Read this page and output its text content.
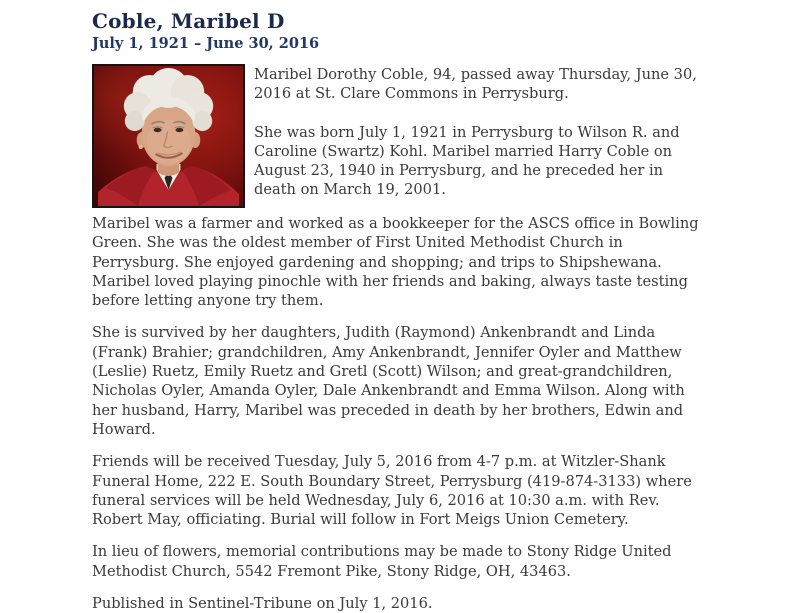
Coble, Maribel D
July 1, 1921 – June 30, 2016

Maribel Dorothy Coble, 94, passed away Thursday, June 30, 2016 at St. Clare Commons in Perrysburg.

She was born July 1, 1921 in Perrysburg to Wilson R. and Caroline (Swartz) Kohl. Maribel married Harry Coble on August 23, 1940 in Perrysburg, and he preceded her in death on March 19, 2001.

Maribel was a farmer and worked as a bookkeeper for the ASCS office in Bowling Green. She was the oldest member of First United Methodist Church in Perrysburg. She enjoyed gardening and shopping; and trips to Shipshewana. Maribel loved playing pinochle with her friends and baking, always taste testing before letting anyone try them.

She is survived by her daughters, Judith (Raymond) Ankenbrandt and Linda (Frank) Brahier; grandchildren, Amy Ankenbrandt, Jennifer Oyler and Matthew (Leslie) Ruetz, Emily Ruetz and Gretl (Scott) Wilson; and great-grandchildren, Nicholas Oyler, Amanda Oyler, Dale Ankenbrandt and Emma Wilson. Along with her husband, Harry, Maribel was preceded in death by her brothers, Edwin and Howard.

Friends will be received Tuesday, July 5, 2016 from 4-7 p.m. at Witzler-Shank Funeral Home, 222 E. South Boundary Street, Perrysburg (419-874-3133) where funeral services will be held Wednesday, July 6, 2016 at 10:30 a.m. with Rev. Robert May, officiating. Burial will follow in Fort Meigs Union Cemetery.

In lieu of flowers, memorial contributions may be made to Stony Ridge United Methodist Church, 5542 Fremont Pike, Stony Ridge, OH, 43463.

Published in Sentinel-Tribune on July 1, 2016.
